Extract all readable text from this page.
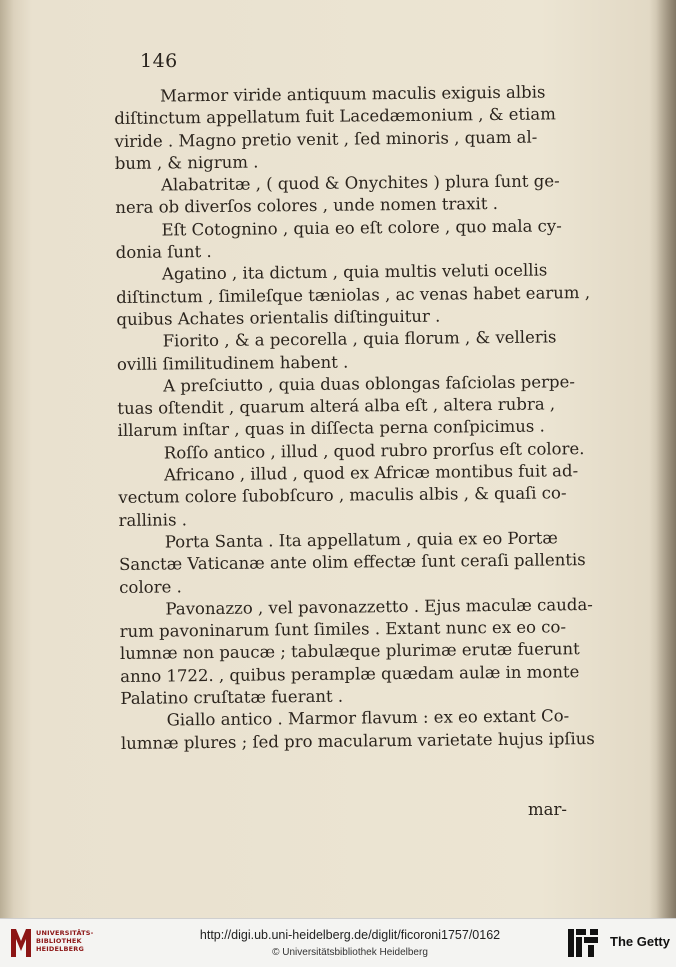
146
Marmor viride antiquum maculis exiguis albis
diſtinctum appellatum fuit Lacedæmonium , & etiam
viride . Magno pretio venit , ſed minoris , quam al-
bum , & nigrum .
Alabatritæ , ( quod & Onychites ) plura ſunt ge-
nera ob diverſos colores , unde nomen traxit .
Eſt Cotognino , quia eo eſt colore , quo mala cy-
donia ſunt .
Agatino , ita dictum , quia multis veluti ocellis
diſtinctum , ſimileſque tæniolas , ac venas habet earum ,
quibus Achates orientalis diſtinguitur .
Fiorito , & a pecorella , quia florum , & velleris
ovilli ſimilitudinem habent .
A preſciutto , quia duas oblongas faſciolas perpe-
tuas oſtendit , quarum alterá alba eſt , altera rubra ,
illarum inſtar , quas in diſſecta perna conſpicimus .
Roſſo antico , illud , quod rubro prorſus eſt colore.
Africano , illud , quod ex Africæ montibus fuit ad-
vectum colore ſubobſcuro , maculis albis , & quaſi co-
rallinis .
Porta Santa . Ita appellatum , quia ex eo Portæ
Sanctæ Vaticanæ ante olim effectæ ſunt ceraſi pallentis
colore .
Pavonazzo , vel pavonazzetto . Ejus maculæ cauda-
rum pavoninarum ſunt ſimiles . Extant nunc ex eo co-
lumnæ non paucæ ; tabulæque plurimæ erutæ fuerunt
anno 1722. , quibus peramplæ quædam aulæ in monte
Palatino cruſtatæ fuerant .
Giallo antico . Marmor flavum : ex eo extant Co-
lumnæ plures ; ſed pro macularum varietate hujus ipſius
mar-
UNIVERSITÄTS-
BIBLIOTHEK
HEIDELBERG
http://digi.ub.uni-heidelberg.de/diglit/ficoroni1757/0162
© Universitätsbibliothek Heidelberg
The Getty
